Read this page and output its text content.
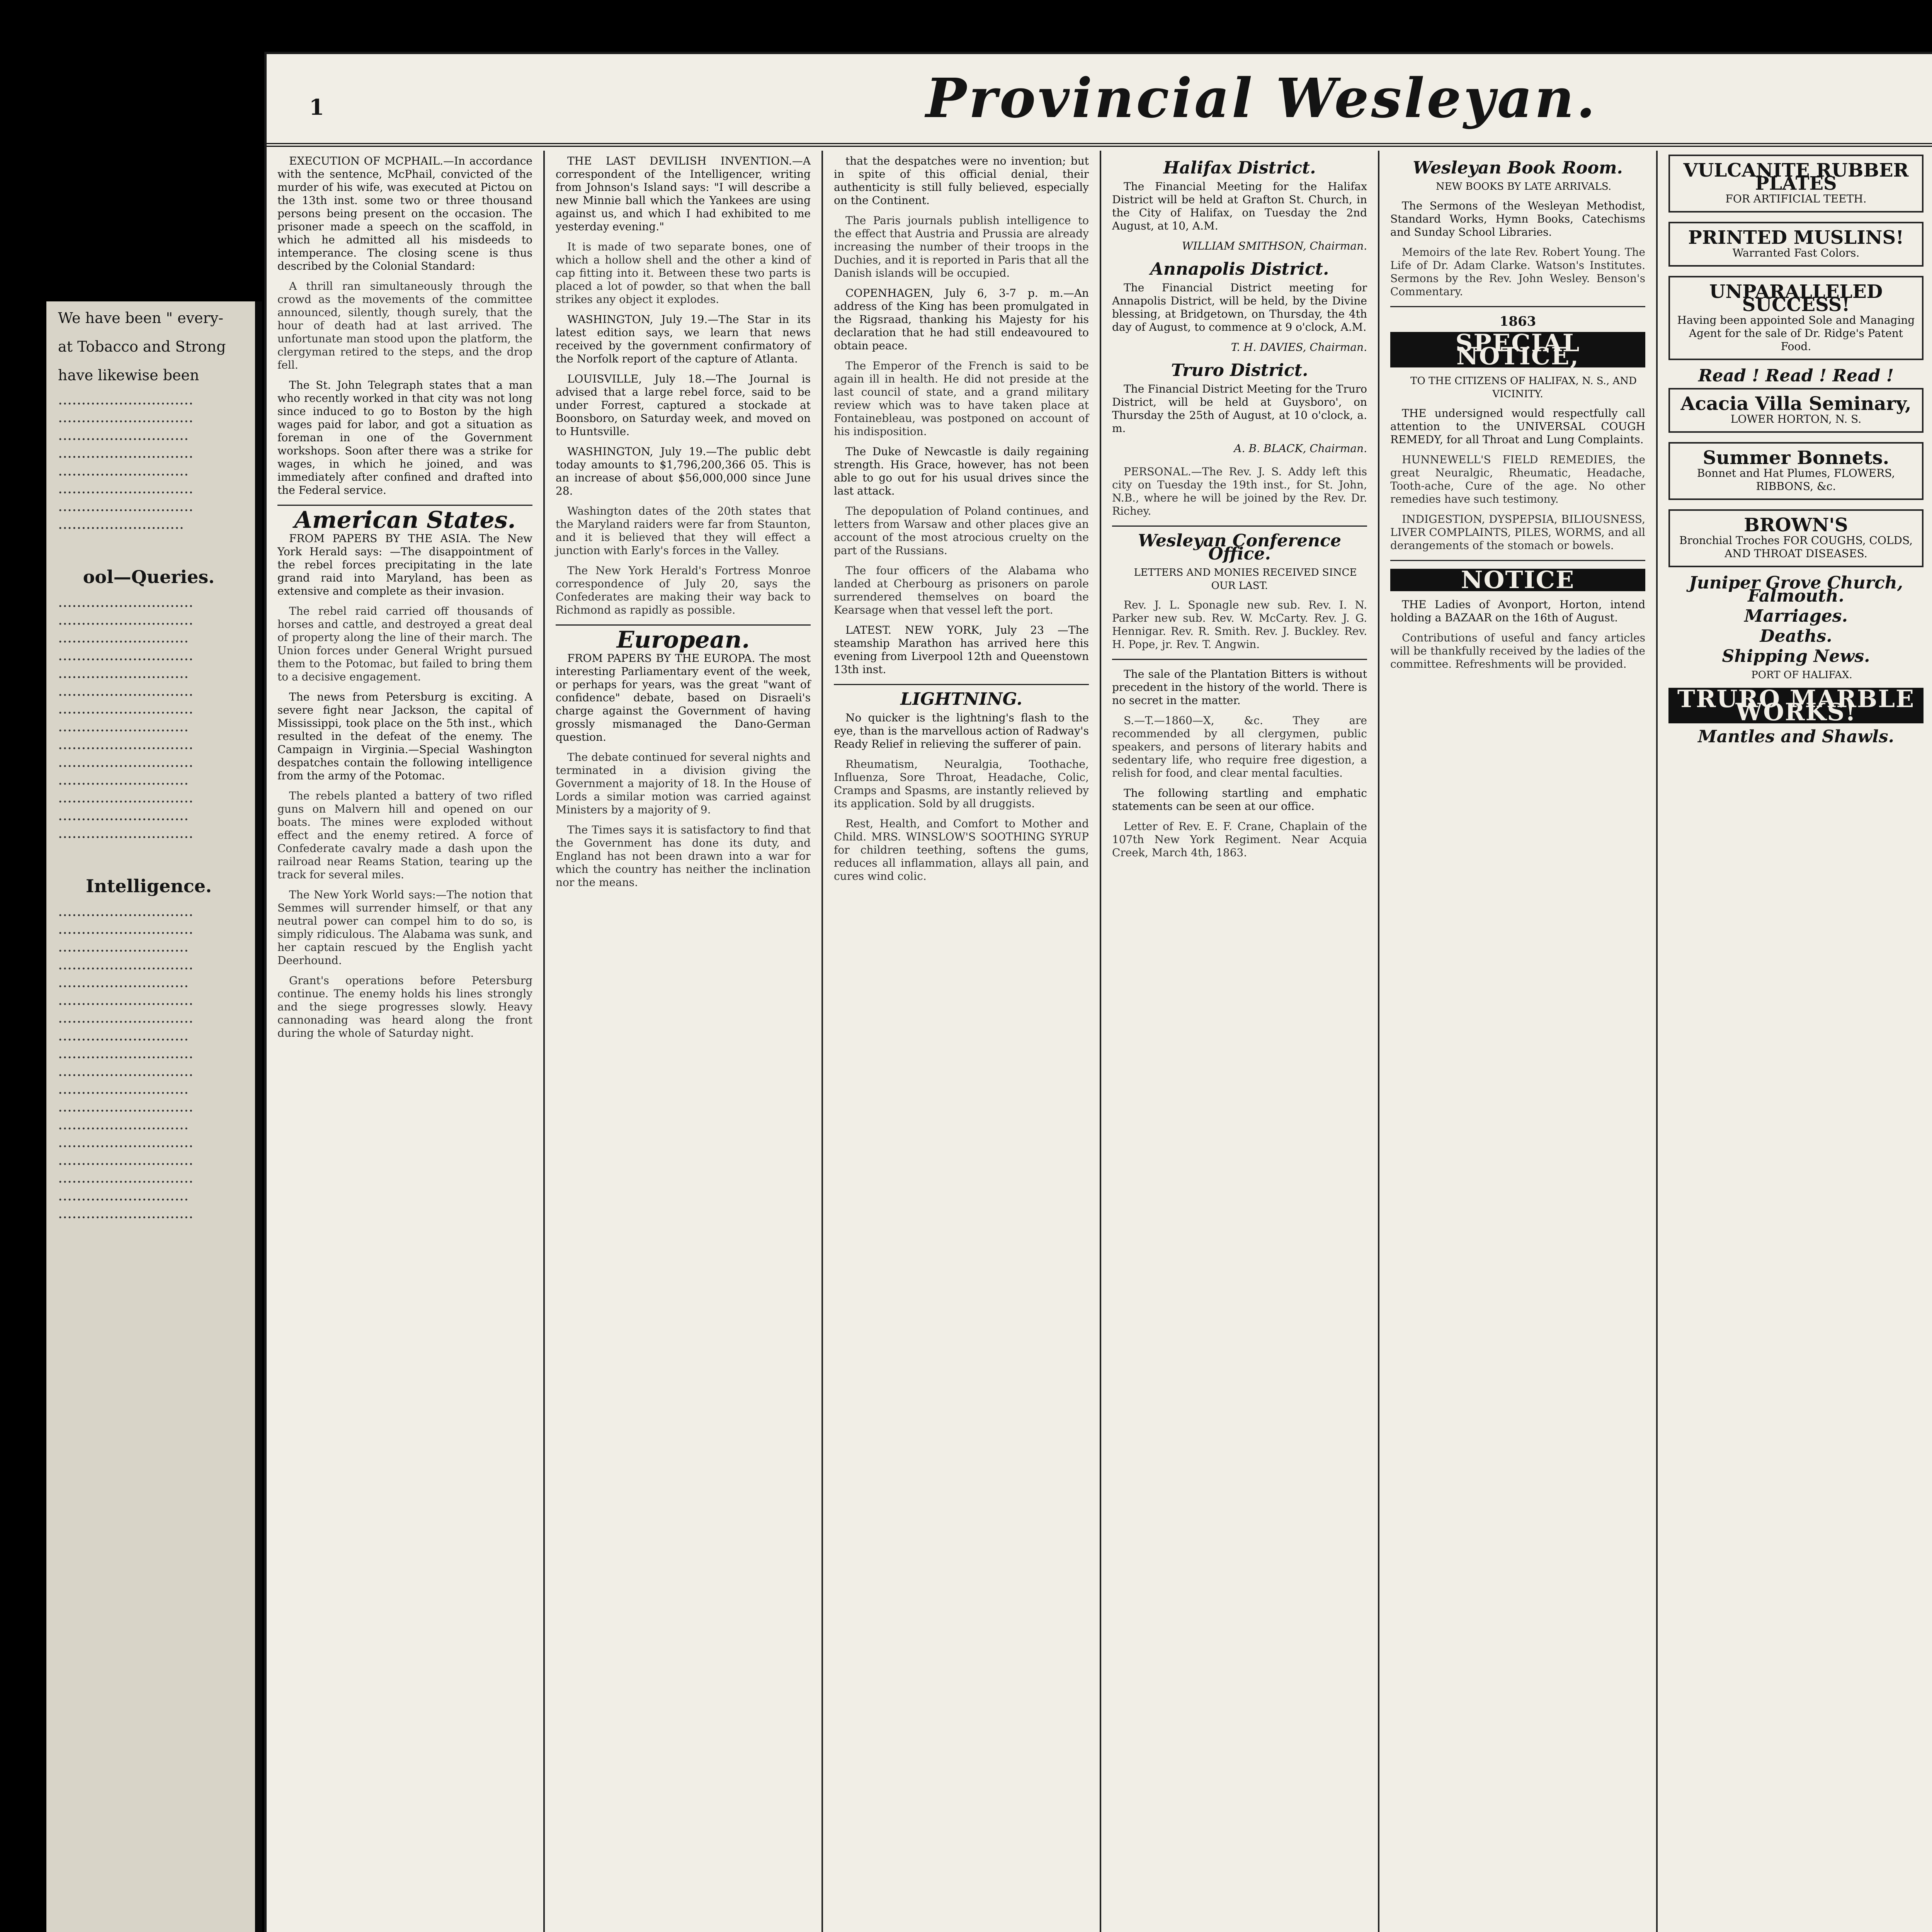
We have been " every-

at Tobacco and Strong

have likewise been

····························· ····························· ···························· ····························· ···························· ····························· ····························· ···························

ool—Queries.

····························· ····························· ···························· ····························· ···························· ····························· ····························· ···························· ····························· ····························· ···························· ····························· ···························· ·····························

Intelligence.

····························· ····························· ···························· ····························· ···························· ····························· ····························· ···························· ····························· ····························· ···························· ····························· ···························· ····························· ····························· ····························· ···························· ·····························

1	Provincial Wesleyan.

EXECUTION OF MCPHAIL.—In accordance with the sentence, McPhail, convicted of the murder of his wife, was executed at Pictou on the 13th inst. some two or three thousand persons being present on the occasion. The prisoner made a speech on the scaffold, in which he admitted all his misdeeds to intemperance. The closing scene is thus described by the Colonial Standard:

A thrill ran simultaneously through the crowd as the movements of the committee announced, silently, though surely, that the hour of death had at last arrived. The unfortunate man stood upon the platform, the clergyman retired to the steps, and the drop fell.

The St. John Telegraph states that a man who recently worked in that city was not long since induced to go to Boston by the high wages paid for labor, and got a situation as foreman in one of the Government workshops. Soon after there was a strike for wages, in which he joined, and was immediately after confined and drafted into the Federal service.

American States.

FROM PAPERS BY THE ASIA. The New York Herald says: —The disappointment of the rebel forces precipitating in the late grand raid into Maryland, has been as extensive and complete as their invasion.

The rebel raid carried off thousands of horses and cattle, and destroyed a great deal of property along the line of their march. The Union forces under General Wright pursued them to the Potomac, but failed to bring them to a decisive engagement.

The news from Petersburg is exciting. A severe fight near Jackson, the capital of Mississippi, took place on the 5th inst., which resulted in the defeat of the enemy. The Campaign in Virginia.—Special Washington despatches contain the following intelligence from the army of the Potomac.

The rebels planted a battery of two rifled guns on Malvern hill and opened on our boats. The mines were exploded without effect and the enemy retired. A force of Confederate cavalry made a dash upon the railroad near Reams Station, tearing up the track for several miles.

The New York World says:—The notion that Semmes will surrender himself, or that any neutral power can compel him to do so, is simply ridiculous. The Alabama was sunk, and her captain rescued by the English yacht Deerhound.

Grant's operations before Petersburg continue. The enemy holds his lines strongly and the siege progresses slowly. Heavy cannonading was heard along the front during the whole of Saturday night.

THE LAST DEVILISH INVENTION.—A correspondent of the Intelligencer, writing from Johnson's Island says: "I will describe a new Minnie ball which the Yankees are using against us, and which I had exhibited to me yesterday evening."

It is made of two separate bones, one of which a hollow shell and the other a kind of cap fitting into it. Between these two parts is placed a lot of powder, so that when the ball strikes any object it explodes.

WASHINGTON, July 19.—The Star in its latest edition says, we learn that news received by the government confirmatory of the Norfolk report of the capture of Atlanta.

LOUISVILLE, July 18.—The Journal is advised that a large rebel force, said to be under Forrest, captured a stockade at Boonsboro, on Saturday week, and moved on to Huntsville.

WASHINGTON, July 19.—The public debt today amounts to $1,796,200,366 05. This is an increase of about $56,000,000 since June 28.

Washington dates of the 20th states that the Maryland raiders were far from Staunton, and it is believed that they will effect a junction with Early's forces in the Valley.

The New York Herald's Fortress Monroe correspondence of July 20, says the Confederates are making their way back to Richmond as rapidly as possible.

European.

FROM PAPERS BY THE EUROPA. The most interesting Parliamentary event of the week, or perhaps for years, was the great "want of confidence" debate, based on Disraeli's charge against the Government of having grossly mismanaged the Dano-German question.

The debate continued for several nights and terminated in a division giving the Government a majority of 18. In the House of Lords a similar motion was carried against Ministers by a majority of 9.

The Times says it is satisfactory to find that the Government has done its duty, and England has not been drawn into a war for which the country has neither the inclination nor the means.

that the despatches were no invention; but in spite of this official denial, their authenticity is still fully believed, especially on the Continent.

The Paris journals publish intelligence to the effect that Austria and Prussia are already increasing the number of their troops in the Duchies, and it is reported in Paris that all the Danish islands will be occupied.

COPENHAGEN, July 6, 3-7 p. m.—An address of the King has been promulgated in the Rigsraad, thanking his Majesty for his declaration that he had still endeavoured to obtain peace.

The Emperor of the French is said to be again ill in health. He did not preside at the last council of state, and a grand military review which was to have taken place at Fontainebleau, was postponed on account of his indisposition.

The Duke of Newcastle is daily regaining strength. His Grace, however, has not been able to go out for his usual drives since the last attack.

The depopulation of Poland continues, and letters from Warsaw and other places give an account of the most atrocious cruelty on the part of the Russians.

The four officers of the Alabama who landed at Cherbourg as prisoners on parole surrendered themselves on board the Kearsage when that vessel left the port.

LATEST. NEW YORK, July 23 —The steamship Marathon has arrived here this evening from Liverpool 12th and Queenstown 13th inst.

LIGHTNING.

No quicker is the lightning's flash to the eye, than is the marvellous action of Radway's Ready Relief in relieving the sufferer of pain.

Rheumatism, Neuralgia, Toothache, Influenza, Sore Throat, Headache, Colic, Cramps and Spasms, are instantly relieved by its application. Sold by all druggists.

Rest, Health, and Comfort to Mother and Child. MRS. WINSLOW'S SOOTHING SYRUP for children teething, softens the gums, reduces all inflammation, allays all pain, and cures wind colic.

Halifax District.

The Financial Meeting for the Halifax District will be held at Grafton St. Church, in the City of Halifax, on Tuesday the 2nd August, at 10, A.M.

WILLIAM SMITHSON, Chairman.
Annapolis District.

The Financial District meeting for Annapolis District, will be held, by the Divine blessing, at Bridgetown, on Thursday, the 4th day of August, to commence at 9 o'clock, A.M.

T. H. DAVIES, Chairman.
Truro District.

The Financial District Meeting for the Truro District, will be held at Guysboro', on Thursday the 25th of August, at 10 o'clock, a. m.

A. B. BLACK, Chairman.

PERSONAL.—The Rev. J. S. Addy left this city on Tuesday the 19th inst., for St. John, N.B., where he will be joined by the Rev. Dr. Richey.

Wesleyan Conference Office.

LETTERS AND MONIES RECEIVED SINCE OUR LAST.

Rev. J. L. Sponagle new sub. Rev. I. N. Parker new sub. Rev. W. McCarty. Rev. J. G. Hennigar. Rev. R. Smith. Rev. J. Buckley. Rev. H. Pope, jr. Rev. T. Angwin.

The sale of the Plantation Bitters is without precedent in the history of the world. There is no secret in the matter.

S.—T.—1860—X, &c. They are recommended by all clergymen, public speakers, and persons of literary habits and sedentary life, who require free digestion, a relish for food, and clear mental faculties.

The following startling and emphatic statements can be seen at our office.

Letter of Rev. E. F. Crane, Chaplain of the 107th New York Regiment. Near Acquia Creek, March 4th, 1863.

Wesleyan Book Room.

NEW BOOKS BY LATE ARRIVALS.

The Sermons of the Wesleyan Methodist, Standard Works, Hymn Books, Catechisms and Sunday School Libraries.

Memoirs of the late Rev. Robert Young. The Life of Dr. Adam Clarke. Watson's Institutes. Sermons by the Rev. John Wesley. Benson's Commentary.

1863
SPECIAL NOTICE,

TO THE CITIZENS OF HALIFAX, N. S., AND VICINITY.

THE undersigned would respectfully call attention to the UNIVERSAL COUGH REMEDY, for all Throat and Lung Complaints.

HUNNEWELL'S FIELD REMEDIES, the great Neuralgic, Rheumatic, Headache, Tooth-ache, Cure of the age. No other remedies have such testimony.

INDIGESTION, DYSPEPSIA, BILIOUSNESS, LIVER COMPLAINTS, PILES, WORMS, and all derangements of the stomach or bowels.

NOTICE

THE Ladies of Avonport, Horton, intend holding a BAZAAR on the 16th of August.

Contributions of useful and fancy articles will be thankfully received by the ladies of the committee. Refreshments will be provided.

VULCANITE RUBBER PLATES
FOR ARTIFICIAL TEETH.
PRINTED MUSLINS!
Warranted Fast Colors.
UNPARALLELED SUCCESS!
Having been appointed Sole and Managing Agent for the sale of Dr. Ridge's Patent Food.
Read ! Read ! Read !
Acacia Villa Seminary,
LOWER HORTON, N. S.
Summer Bonnets.
Bonnet and Hat Plumes, FLOWERS, RIBBONS, &c.
BROWN'S
Bronchial Troches FOR COUGHS, COLDS, AND THROAT DISEASES.
Juniper Grove Church, Falmouth.
Marriages.
Deaths.
Shipping News.

PORT OF HALIFAX.

TRURO MARBLE WORKS!
Mantles and Shawls.
